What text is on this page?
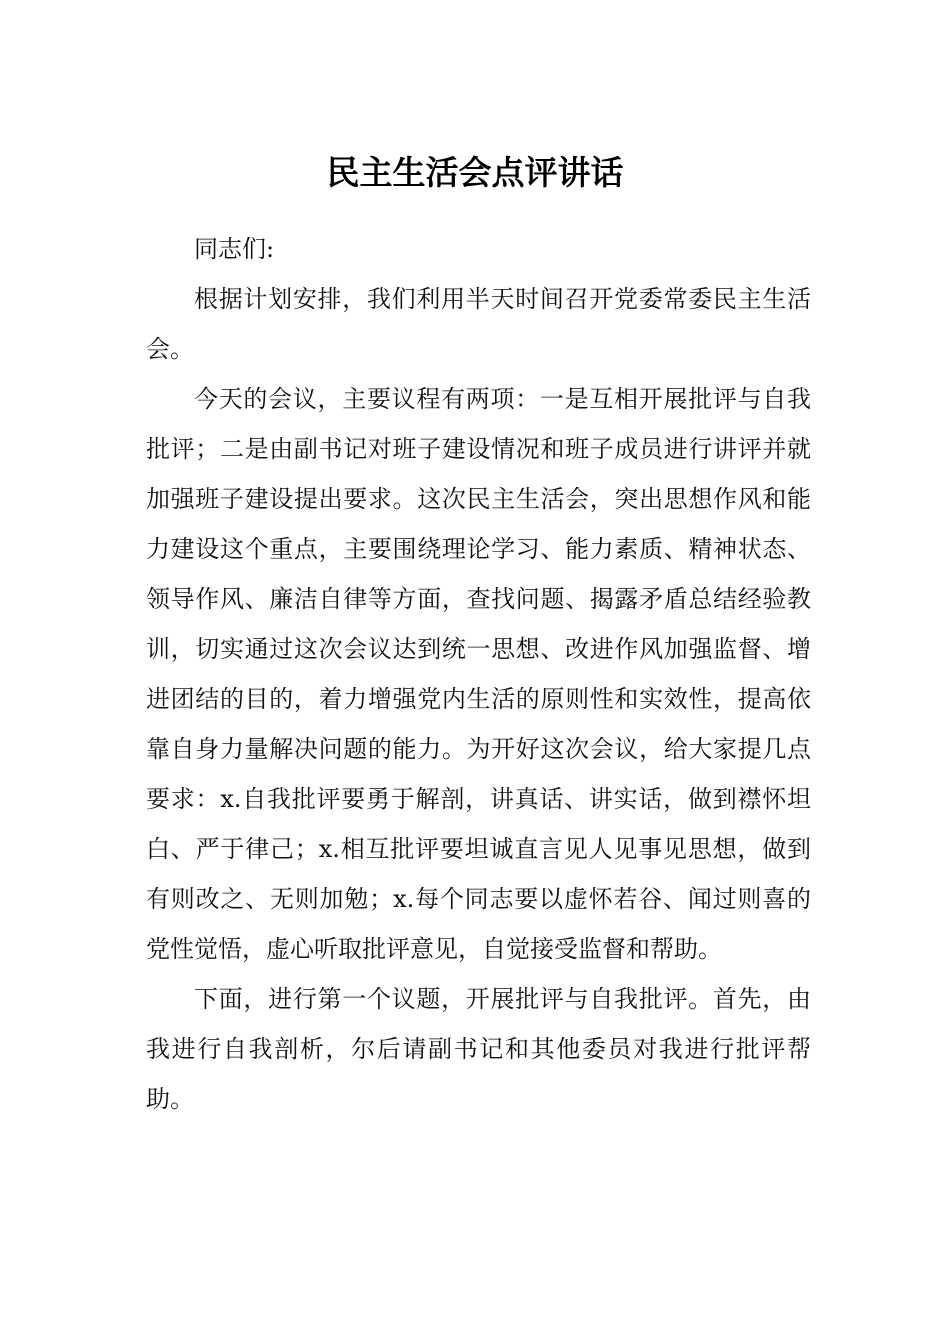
民主生活会点评讲话

同志们:

根据计划安排，我们利用半天时间召开党委常委民主生活会。

今天的会议，主要议程有两项：一是互相开展批评与自我批评；二是由副书记对班子建设情况和班子成员进行讲评并就加强班子建设提出要求。这次民主生活会，突出思想作风和能力建设这个重点，主要围绕理论学习、能力素质、精神状态、领导作风、廉洁自律等方面，查找问题、揭露矛盾总结经验教训，切实通过这次会议达到统一思想、改进作风加强监督、增进团结的目的，着力增强党内生活的原则性和实效性，提高依靠自身力量解决问题的能力。为开好这次会议，给大家提几点要求：x.自我批评要勇于解剖，讲真话、讲实话，做到襟怀坦白、严于律己；x.相互批评要坦诚直言见人见事见思想，做到有则改之、无则加勉；x.每个同志要以虚怀若谷、闻过则喜的党性觉悟，虚心听取批评意见，自觉接受监督和帮助。

下面，进行第一个议题，开展批评与自我批评。首先，由我进行自我剖析，尔后请副书记和其他委员对我进行批评帮助。
